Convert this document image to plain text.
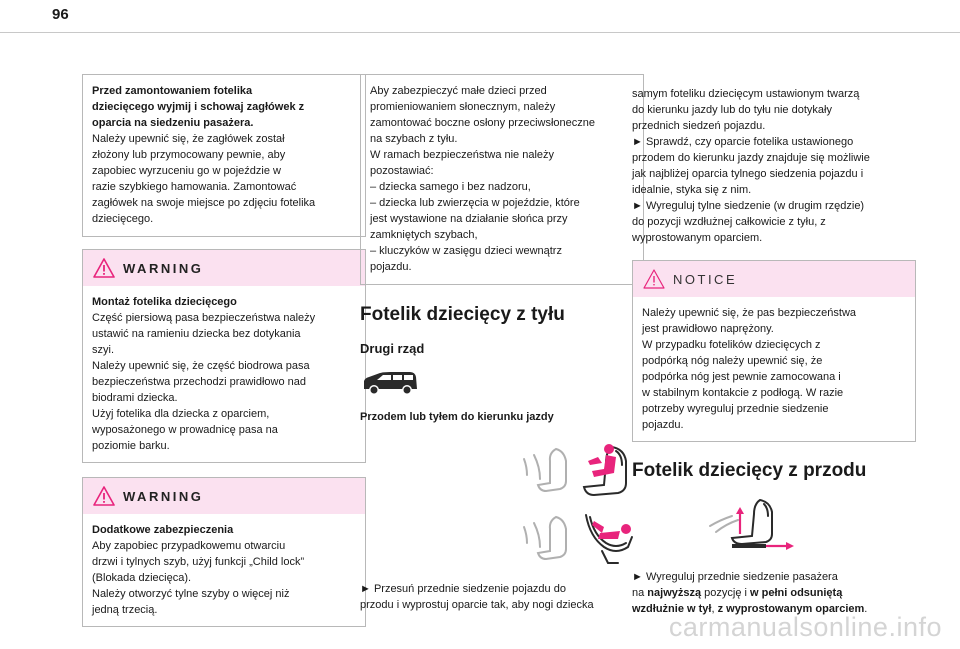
96

Przed zamontowaniem fotelika

dziecięcego wyjmij i schowaj zagłówek z

oparcia na siedzeniu pasażera.

Należy upewnić się, że zagłówek został

złożony lub przymocowany pewnie, aby

zapobiec wyrzuceniu go w pojeździe w

razie szybkiego hamowania. Zamontować

zagłówek na swoje miejsce po zdjęciu fotelika

dziecięcego.

WARNING

Montaż fotelika dziecięcego

Część piersiową pasa bezpieczeństwa należy

ustawić na ramieniu dziecka bez dotykania

szyi.

Należy upewnić się, że część biodrowa pasa

bezpieczeństwa przechodzi prawidłowo nad

biodrami dziecka.

Użyj fotelika dla dziecka z oparciem,

wyposażonego w prowadnicę pasa na

poziomie barku.

WARNING

Dodatkowe zabezpieczenia

Aby zapobiec przypadkowemu otwarciu

drzwi i tylnych szyb, użyj funkcji „Child lock”

(Blokada dziecięca).

Należy otworzyć tylne szyby o więcej niż

jedną trzecią.

Aby zabezpieczyć małe dzieci przed

promieniowaniem słonecznym, należy

zamontować boczne osłony przeciwsłoneczne

na szybach z tyłu.

W ramach bezpieczeństwa nie należy

pozostawiać:

– dziecka samego i bez nadzoru,

– dziecka lub zwierzęcia w pojeździe, które

jest wystawione na działanie słońca przy

zamkniętych szybach,

– kluczyków w zasięgu dzieci wewnątrz

pojazdu.

Fotelik dziecięcy z tyłu
Drugi rząd

Przodem lub tyłem do kierunku jazdy

► Przesuń przednie siedzenie pojazdu do

przodu i wyprostuj oparcie tak, aby nogi dziecka

samym foteliku dziecięcym ustawionym twarzą

do kierunku jazdy lub do tyłu nie dotykały

przednich siedzeń pojazdu.

► Sprawdź, czy oparcie fotelika ustawionego

przodem do kierunku jazdy znajduje się możliwie

jak najbliżej oparcia tylnego siedzenia pojazdu i

idealnie, styka się z nim.

► Wyreguluj tylne siedzenie (w drugim rzędzie)

do pozycji wzdłużnej całkowicie z tyłu, z

wyprostowanym oparciem.

NOTICE

Należy upewnić się, że pas bezpieczeństwa

jest prawidłowo naprężony.

W przypadku fotelików dziecięcych z

podpórką nóg należy upewnić się, że

podpórka nóg jest pewnie zamocowana i

w stabilnym kontakcie z podłogą. W razie

potrzeby wyreguluj przednie siedzenie

pojazdu.

Fotelik dziecięcy z przodu

► Wyreguluj przednie siedzenie pasażera

na najwyższą pozycję i w pełni odsuniętą

wzdłużnie w tył, z wyprostowanym oparciem.

carmanualsonline.info
